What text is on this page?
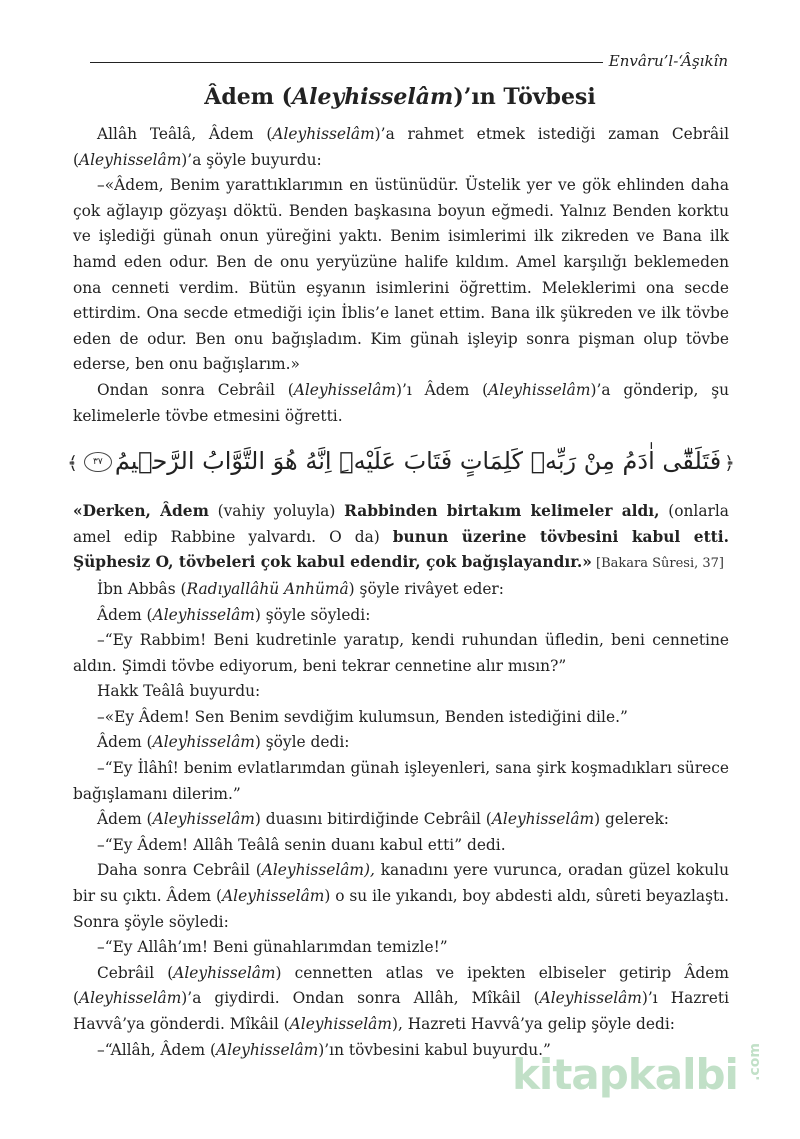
Envâru’l-‘Âşıkîn
Âdem (Aleyhisselâm)’ın Tövbesi

Allâh Teâlâ, Âdem (Aleyhisselâm)’a rahmet etmek istediği zaman Cebrâil (Aleyhisselâm)’a şöyle buyurdu:

–«Âdem, Benim yarattıklarımın en üstünüdür. Üstelik yer ve gök ehlinden daha çok ağlayıp gözyaşı döktü. Benden başkasına boyun eğmedi. Yalnız Benden korktu ve işlediği günah onun yüreğini yaktı. Benim isimlerimi ilk zikreden ve Bana ilk hamd eden odur. Ben de onu yeryüzüne halife kıldım. Amel karşılığı beklemeden ona cenneti verdim. Bütün eşyanın isimlerini öğrettim. Meleklerimi ona secde ettirdim. Ona secde etmediği için İblis’e lanet ettim. Bana ilk şükreden ve ilk tövbe eden de odur. Ben onu bağışladım. Kim günah işleyip sonra pişman olup tövbe ederse, ben onu bağışlarım.»

Ondan sonra Cebrâil (Aleyhisselâm)’ı Âdem (Aleyhisselâm)’a gönderip, şu kelimelerle tövbe etmesini öğretti.

﴿فَتَلَقّٰٓى اٰدَمُ مِنْ رَبِّه۪ كَلِمَاتٍ فَتَابَ عَلَيْهِۜ اِنَّهُ هُوَ التَّوَّابُ الرَّح۪يمُ٣٧﴾

«Derken, Âdem (vahiy yoluyla) Rabbinden birtakım kelimeler aldı, (onlarla amel edip Rabbine yalvardı. O da) bunun üzerine tövbesini kabul etti. Şüphesiz O, tövbeleri çok kabul edendir, çok bağışlayandır.» [Bakara Sûresi, 37]

İbn Abbâs (Radıyallâhü Anhümâ) şöyle rivâyet eder:

Âdem (Aleyhisselâm) şöyle söyledi:

–“Ey Rabbim! Beni kudretinle yaratıp, kendi ruhundan üfledin, beni cennetine aldın. Şimdi tövbe ediyorum, beni tekrar cennetine alır mısın?”

Hakk Teâlâ buyurdu:

–«Ey Âdem! Sen Benim sevdiğim kulumsun, Benden istediğini dile.”

Âdem (Aleyhisselâm) şöyle dedi:

–“Ey İlâhî! benim evlatlarımdan günah işleyenleri, sana şirk koşmadıkları sürece bağışlamanı dilerim.”

Âdem (Aleyhisselâm) duasını bitirdiğinde Cebrâil (Aleyhisselâm) gelerek:

–“Ey Âdem! Allâh Teâlâ senin duanı kabul etti” dedi.

Daha sonra Cebrâil (Aleyhisselâm), kanadını yere vurunca, oradan güzel kokulu bir su çıktı. Âdem (Aleyhisselâm) o su ile yıkandı, boy abdesti aldı, sûreti beyazlaştı. Sonra şöyle söyledi:

–“Ey Allâh’ım! Beni günahlarımdan temizle!”

Cebrâil (Aleyhisselâm) cennetten atlas ve ipekten elbiseler getirip Âdem (Aleyhisselâm)’a giydirdi. Ondan sonra Allâh, Mîkâil (Aleyhisselâm)’ı Hazreti Havvâ’ya gönderdi. Mîkâil (Aleyhisselâm), Hazreti Havvâ’ya gelip şöyle dedi:

–“Allâh, Âdem (Aleyhisselâm)’ın tövbesini kabul buyurdu.”

kitapkalbi .com
